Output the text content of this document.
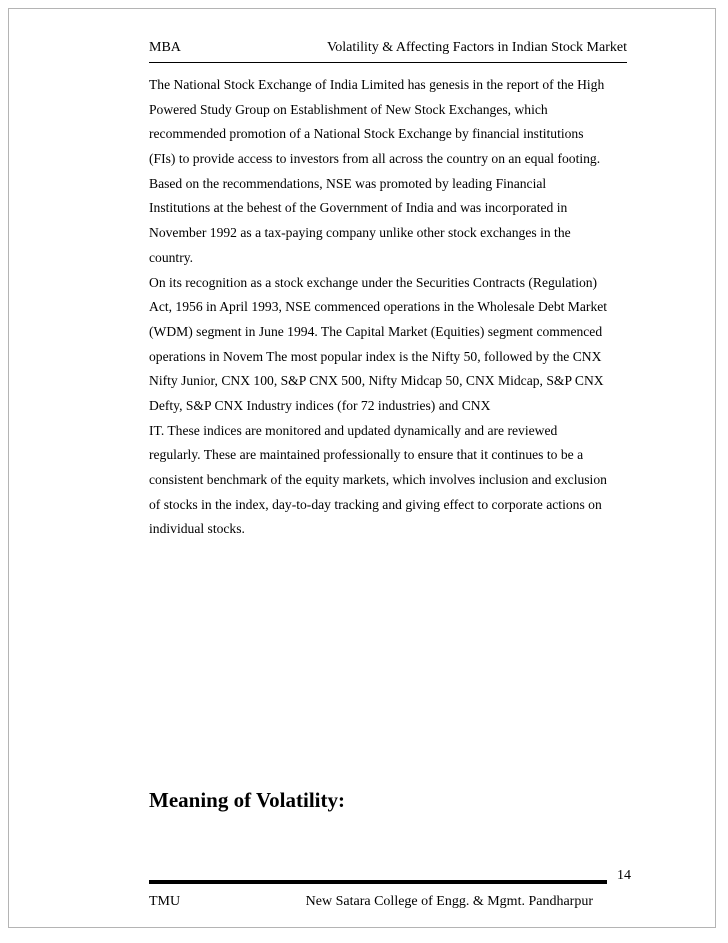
MBA	Volatility & Affecting Factors in Indian Stock Market
The National Stock Exchange of India Limited has genesis in the report of the High
Powered Study Group on Establishment of New Stock Exchanges, which
recommended promotion of a National Stock Exchange by financial institutions
(FIs) to provide access to investors from all across the country on an equal footing.
Based on the recommendations, NSE was promoted by leading Financial
Institutions at the behest of the Government of India and was incorporated in
November 1992 as a tax-paying company unlike other stock exchanges in the
country.
On its recognition as a stock exchange under the Securities Contracts (Regulation)
Act, 1956 in April 1993, NSE commenced operations in the Wholesale Debt Market
(WDM) segment in June 1994. The Capital Market (Equities) segment commenced
operations in Novem The most popular index is the Nifty 50, followed by the CNX
Nifty Junior, CNX 100, S&P CNX 500, Nifty Midcap 50, CNX Midcap, S&P CNX
Defty, S&P CNX Industry indices (for 72 industries) and CNX
IT. These indices are monitored and updated dynamically and are reviewed
regularly. These are maintained professionally to ensure that it continues to be a
consistent benchmark of the equity markets, which involves inclusion and exclusion
of stocks in the index, day-to-day tracking and giving effect to corporate actions on
individual stocks.
Meaning of Volatility:
14
TMU	New Satara College of Engg. & Mgmt. Pandharpur
